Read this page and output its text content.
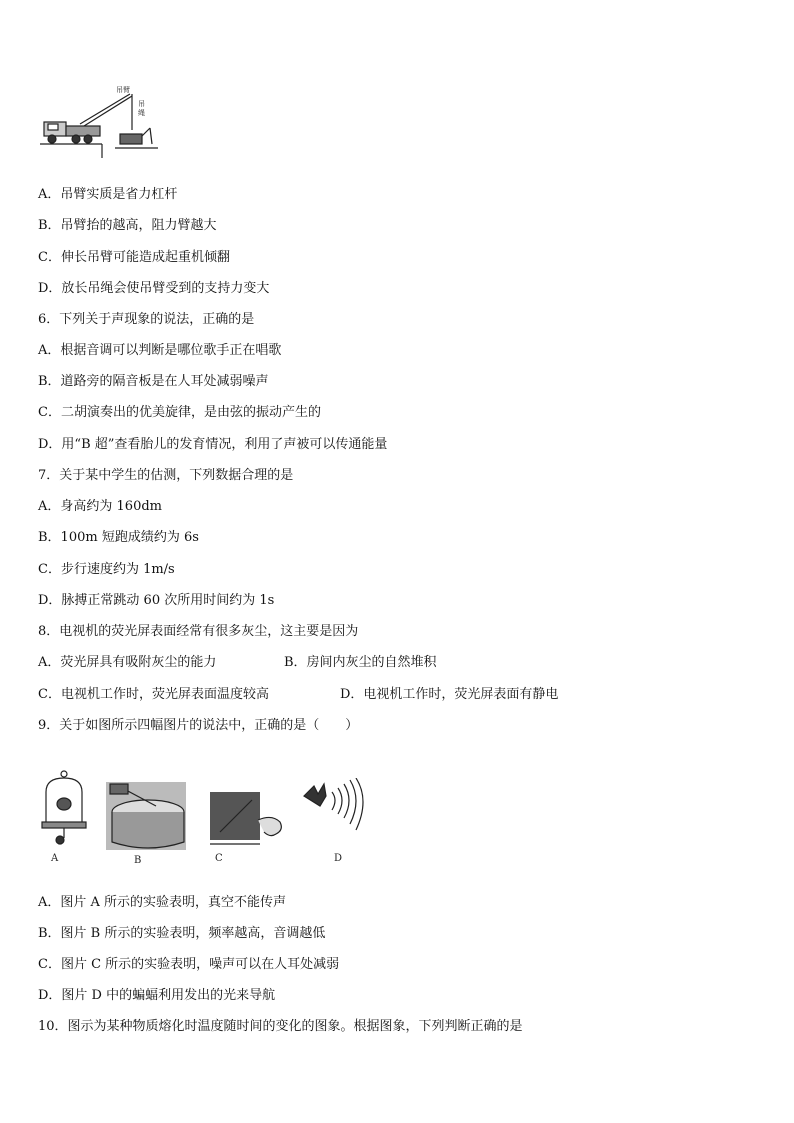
吊臂
吊
绳
A．吊臂实质是省力杠杆
B．吊臂抬的越高，阻力臂越大
C．伸长吊臂可能造成起重机倾翻
D．放长吊绳会使吊臂受到的支持力变大
6．下列关于声现象的说法，正确的是
A．根据音调可以判断是哪位歌手正在唱歌
B．道路旁的隔音板是在人耳处减弱噪声
C．二胡演奏出的优美旋律，是由弦的振动产生的
D．用“B 超”查看胎儿的发育情况，利用了声被可以传通能量
7．关于某中学生的估测，下列数据合理的是
A．身高约为 160dm
B．100m 短跑成绩约为 6s
C．步行速度约为 1m/s
D．脉搏正常跳动 60 次所用时间约为 1s
8．电视机的荧光屏表面经常有很多灰尘，这主要是因为
A．荧光屏具有吸附灰尘的能力	B．房间内灰尘的自然堆积
C．电视机工作时，荧光屏表面温度较高	D．电视机工作时，荧光屏表面有静电
9．关于如图所示四幅图片的说法中，正确的是（　　）
A	B	C	D
A．图片 A 所示的实验表明，真空不能传声
B．图片 B 所示的实验表明，频率越高，音调越低
C．图片 C 所示的实验表明，噪声可以在人耳处减弱
D．图片 D 中的蝙蝠利用发出的光来导航
10．图示为某种物质熔化时温度随时间的变化的图象。根据图象，下列判断正确的是
